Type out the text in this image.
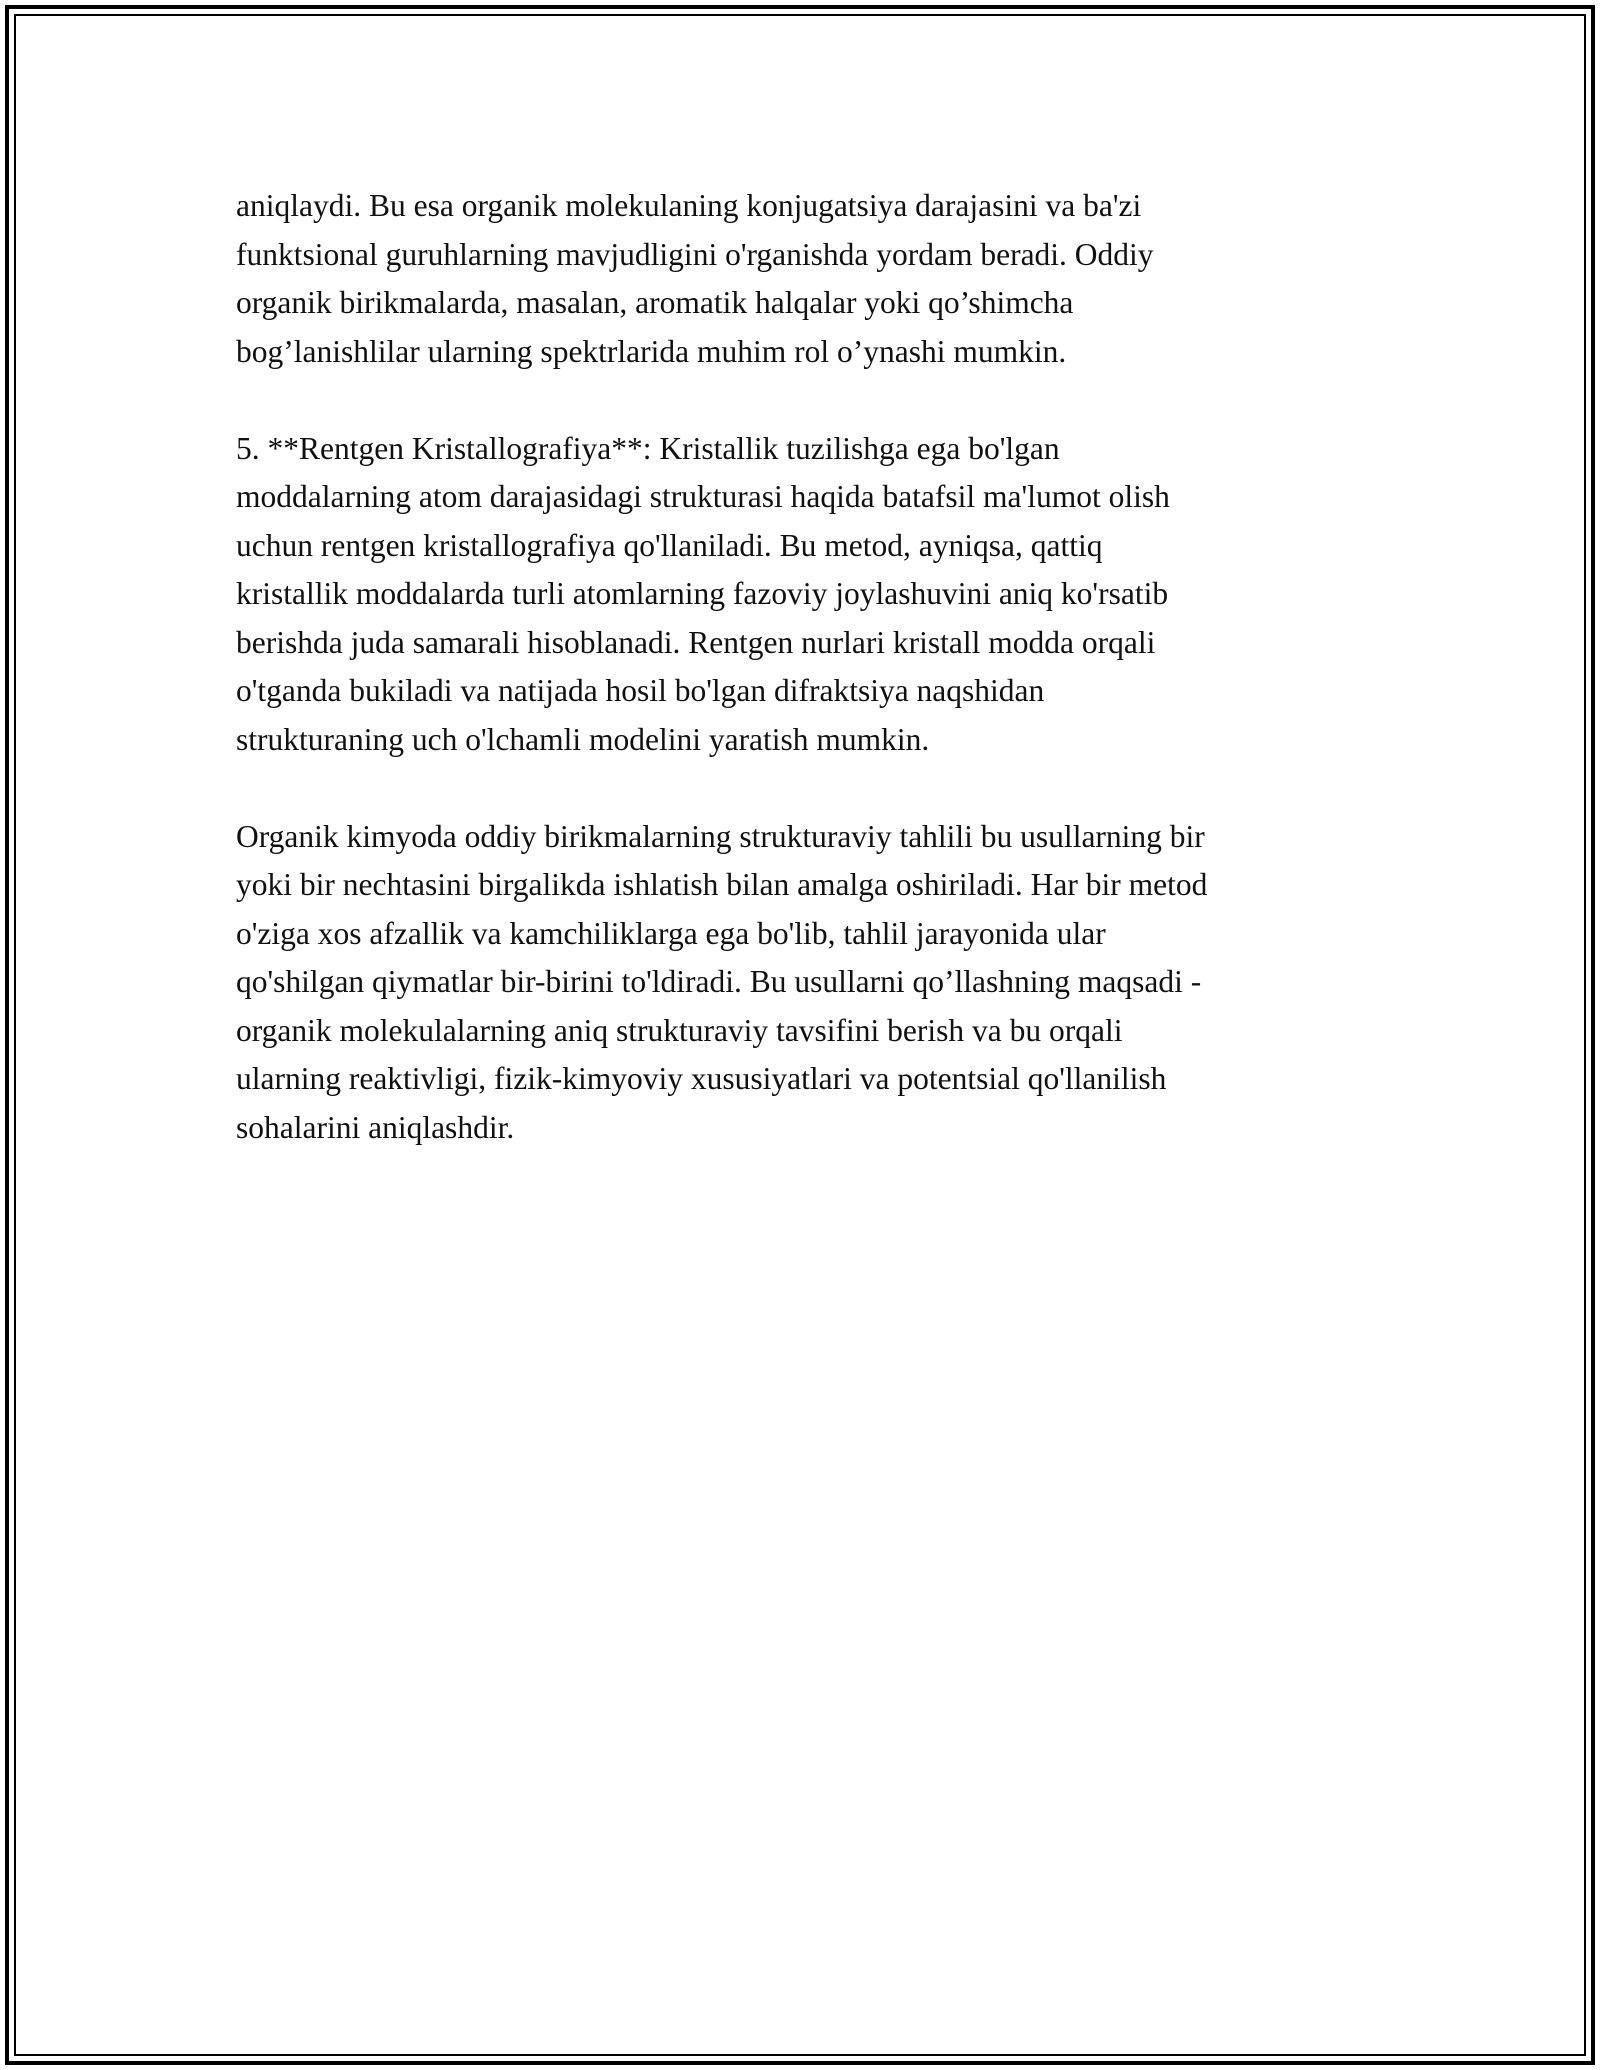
aniqlaydi. Bu esa organik molekulaning konjugatsiya darajasini va ba'zi
funktsional guruhlarning mavjudligini o'rganishda yordam beradi. Oddiy
organik birikmalarda, masalan, aromatik halqalar yoki qo’shimcha
bog’lanishlilar ularning spektrlarida muhim rol o’ynashi mumkin.

5. **Rentgen Kristallografiya**: Kristallik tuzilishga ega bo'lgan
moddalarning atom darajasidagi strukturasi haqida batafsil ma'lumot olish
uchun rentgen kristallografiya qo'llaniladi. Bu metod, ayniqsa, qattiq
kristallik moddalarda turli atomlarning fazoviy joylashuvini aniq ko'rsatib
berishda juda samarali hisoblanadi. Rentgen nurlari kristall modda orqali
o'tganda bukiladi va natijada hosil bo'lgan difraktsiya naqshidan
strukturaning uch o'lchamli modelini yaratish mumkin.

Organik kimyoda oddiy birikmalarning strukturaviy tahlili bu usullarning bir
yoki bir nechtasini birgalikda ishlatish bilan amalga oshiriladi. Har bir metod
o'ziga xos afzallik va kamchiliklarga ega bo'lib, tahlil jarayonida ular
qo'shilgan qiymatlar bir-birini to'ldiradi. Bu usullarni qo’llashning maqsadi -
organik molekulalarning aniq strukturaviy tavsifini berish va bu orqali
ularning reaktivligi, fizik-kimyoviy xususiyatlari va potentsial qo'llanilish
sohalarini aniqlashdir.
